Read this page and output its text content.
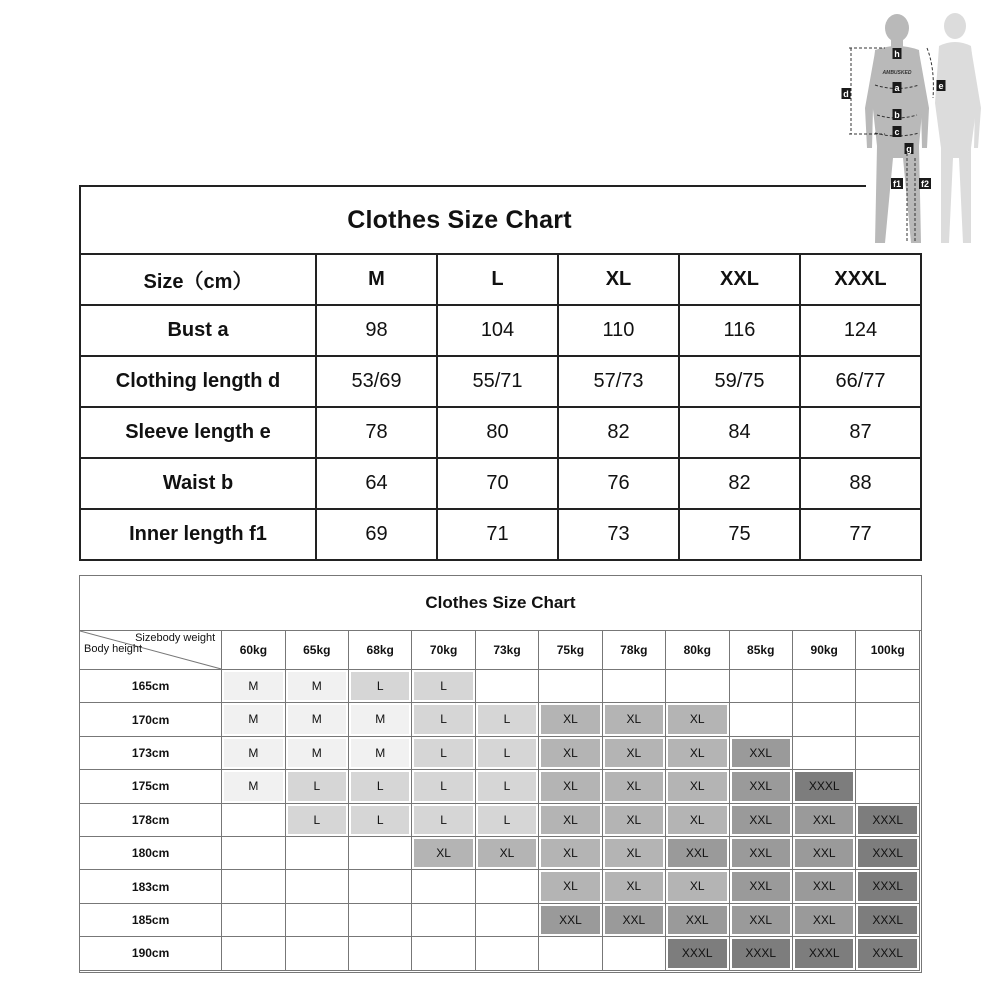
h
a
b
c
g
d
e
f1 f2
AMBUSKED
Clothes Size Chart
Size（cm）	M	L	XL	XXL	XXXL
Bust a	98	104	110	116	124
Clothing length d	53/69	55/71	57/73	59/75	66/77
Sleeve length e	78	80	82	84	87
Waist b	64	70	76	82	88
Inner length f1	69	71	73	75	77
Clothes Size Chart
Sizebody weight
Body height	60kg	65kg	68kg	70kg	73kg	75kg	78kg	80kg	85kg	90kg	100kg
165cm	M	M	L	L							

170cm	M	M	M	L	L	XL	XL	XL			

173cm	M	M	M	L	L	XL	XL	XL	XXL		

175cm	M	L	L	L	L	XL	XL	XL	XXL	XXXL	

178cm		L	L	L	L	XL	XL	XL	XXL	XXL	XXXL

180cm				XL	XL	XL	XL	XXL	XXL	XXL	XXXL

183cm						XL	XL	XL	XXL	XXL	XXXL

185cm						XXL	XXL	XXL	XXL	XXL	XXXL

190cm								XXXL	XXXL	XXXL	XXXL
